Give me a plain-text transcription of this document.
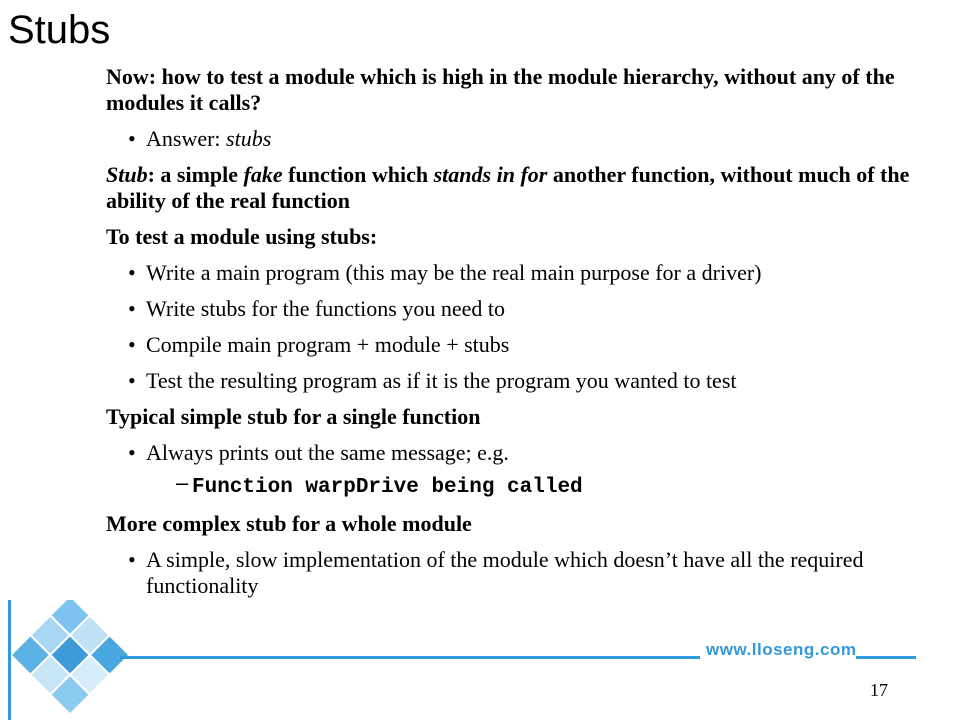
Stubs

Now: how to test a module which is high in the module hierarchy, without any of the modules it calls?

• Answer: stubs

Stub: a simple fake function which stands in for another function, without much of the ability of the real function

To test a module using stubs:

• Write a main program (this may be the real main purpose for a driver)

• Write stubs for the functions you need to

• Compile main program + module + stubs

• Test the resulting program as if it is the program you wanted to test

Typical simple stub for a single function

• Always prints out the same message; e.g.

– Function warpDrive being called

More complex stub for a whole module

• A simple, slow implementation of the module which doesn’t have all the required functionality

www.lloseng.com
17
